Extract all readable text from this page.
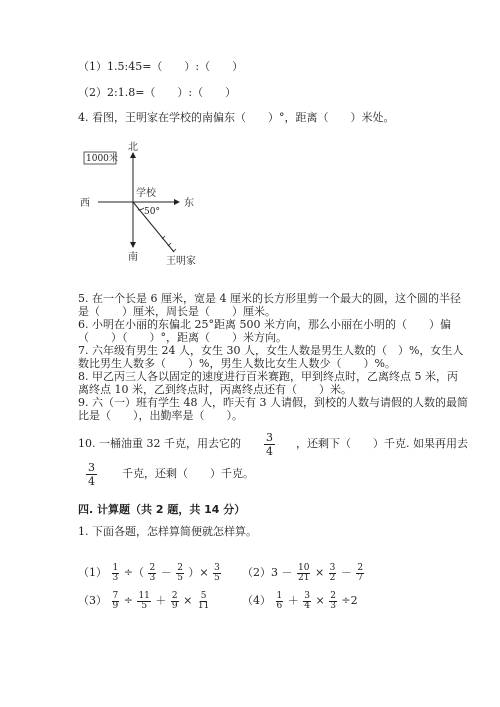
（1）1.5:45=（　　）:（　　）
（2）2:1.8=（　　）:（　　）
4. 看图，王明家在学校的南偏东（　　）°，距离（　　）米处。
1000米
北
西	东
南
学校
50°
王明家
5. 在一个长是 6 厘米，宽是 4 厘米的长方形里剪一个最大的圆，这个圆的半径
是（　　）厘米，周长是（　　）厘米。
6. 小明在小丽的东偏北 25°距离 500 米方向，那么小丽在小明的（　　）偏
（　　）（　　）°，距离（　　）米方向。
7. 六年级有男生 24 人，女生 30 人，女生人数是男生人数的（　）%，女生人
数比男生人数多（　　）%，男生人数比女生人数少（　　）%。
8. 甲乙丙三人各以固定的速度进行百米赛跑，甲到终点时，乙离终点 5 米，丙
离终点 10 米，乙到终点时，丙离终点还有（　　）米。
9. 六（一）班有学生 48 人，昨天有 3 人请假，到校的人数与请假的人数的最简
比是（　　），出勤率是（　　）。
10. 一桶油重 32 千克，用去它的 $\frac{3}{4}$ ，还剩下（　　）千克. 如果再用去
$\frac{3}{4}$ 千克，还剩（　　）千克。
四. 计算题（共 2 题，共 14 分）
1. 下面各题，怎样算简便就怎样算。
$(1) \frac{1}{3}$ ÷（ $\frac{2}{3} - \frac{2}{5}$ ）× $\frac{3}{5} (2)3 - \frac{10}{21} \times \frac{3}{2} - \frac{2}{7}$
$(3) \frac{7}{9} \div \frac{11}{5} + \frac{2}{9} \times \frac{5}{11}$	$(4) \frac{1}{6} + \frac{3}{4} \times \frac{2}{3} \div 2$
